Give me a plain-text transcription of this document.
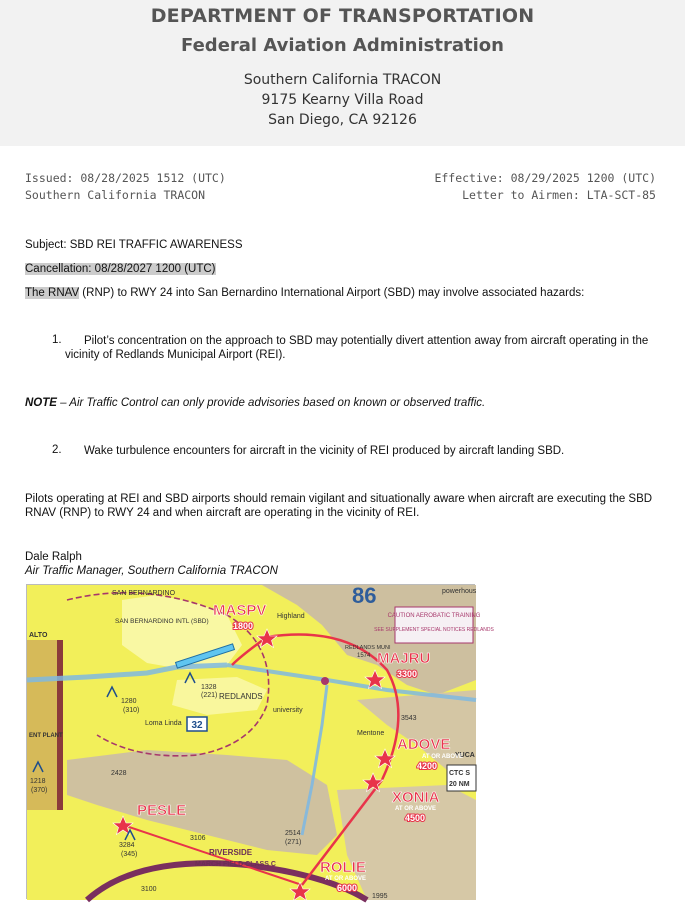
DEPARTMENT OF TRANSPORTATION
Federal Aviation Administration
Southern California TRACON
9175 Kearny Villa Road
San Diego, CA 92126
Issued: 08/28/2025 1512 (UTC)
Southern California TRACON
Effective: 08/29/2025 1200 (UTC)
Letter to Airmen: LTA-SCT-85
Subject: SBD REI TRAFFIC AWARENESS
Cancellation: 08/28/2027 1200 (UTC)
The RNAV (RNP) to RWY 24 into San Bernardino International Airport (SBD) may involve associated hazards:
1.	Pilot’s concentration on the approach to SBD may potentially divert attention away from aircraft operating in the vicinity of Redlands Municipal Airport (REI).
NOTE – Air Traffic Control can only provide advisories based on known or observed traffic.
2.	Wake turbulence encounters for aircraft in the vicinity of REI produced by aircraft landing SBD.
Pilots operating at REI and SBD airports should remain vigilant and situationally aware when aircraft are executing the SBD RNAV (RNP) to RWY 24 and when aircraft are operating in the vicinity of REI.
Dale Ralph
Air Traffic Manager, Southern California TRACON
CAUTION AEROBATIC TRAINING
SEE SUPPLEMENT SPECIAL NOTICES REDLANDS
86
CTC S
20 NM
32
SAN BERNARDINO
SAN BERNARDINO INTL (SBD)
REDLANDS
Loma Linda
university
Mentone
Highland
REDLANDS MUNI
RIVERSIDE
MARCH FIELD CLASS C
YUCA
powerhous
ALTO
ENT PLANT
1280
(310)
1328
(221)
2428
3106
2514
(271)
3284
(345)
3100
1218
(370)
3543
1995
1574
MASPV
1800
MAJRU
3300
ADOVE
AT OR ABOVE
4200
XONIA
AT OR ABOVE
4500
PESLE
ROLIE
AT OR ABOVE
6000
